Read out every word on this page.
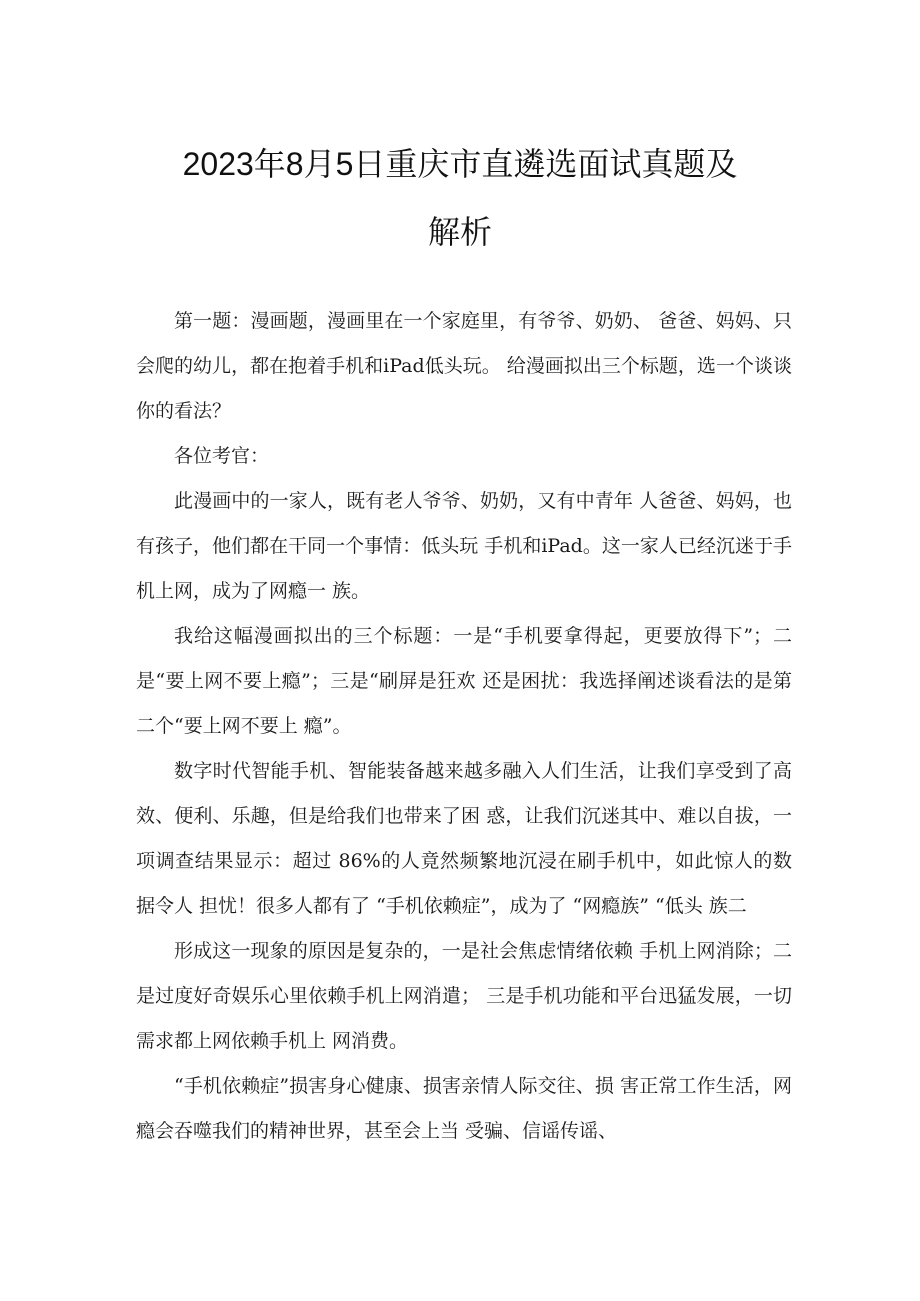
2023年8月5日重庆市直遴选面试真题及
解析

第一题：漫画题，漫画里在一个家庭里，有爷爷、奶奶、 爸爸、妈妈、只会爬的幼儿，都在抱着手机和iPad低头玩。 给漫画拟出三个标题，选一个谈谈你的看法？

各位考官：

此漫画中的一家人，既有老人爷爷、奶奶，又有中青年 人爸爸、妈妈，也有孩子，他们都在干同一个事情：低头玩 手机和iPad。这一家人已经沉迷于手机上网，成为了网瘾一 族。

我给这幅漫画拟出的三个标题：一是“手机要拿得起，更要放得下”；二是“要上网不要上瘾”；三是“刷屏是狂欢 还是困扰：我选择阐述谈看法的是第二个“要上网不要上 瘾”。

数字时代智能手机、智能装备越来越多融入人们生活，让我们享受到了高效、便利、乐趣，但是给我们也带来了困 惑，让我们沉迷其中、难以自拔，一项调查结果显示：超过 86%的人竟然频繁地沉浸在刷手机中，如此惊人的数据令人 担忧！很多人都有了 “手机依赖症”，成为了 “网瘾族” “低头 族二

形成这一现象的原因是复杂的，一是社会焦虑情绪依赖 手机上网消除；二是过度好奇娱乐心里依赖手机上网消遣； 三是手机功能和平台迅猛发展，一切需求都上网依赖手机上 网消费。

“手机依赖症”损害身心健康、损害亲情人际交往、损 害正常工作生活，网瘾会吞噬我们的精神世界，甚至会上当 受骗、信谣传谣、
